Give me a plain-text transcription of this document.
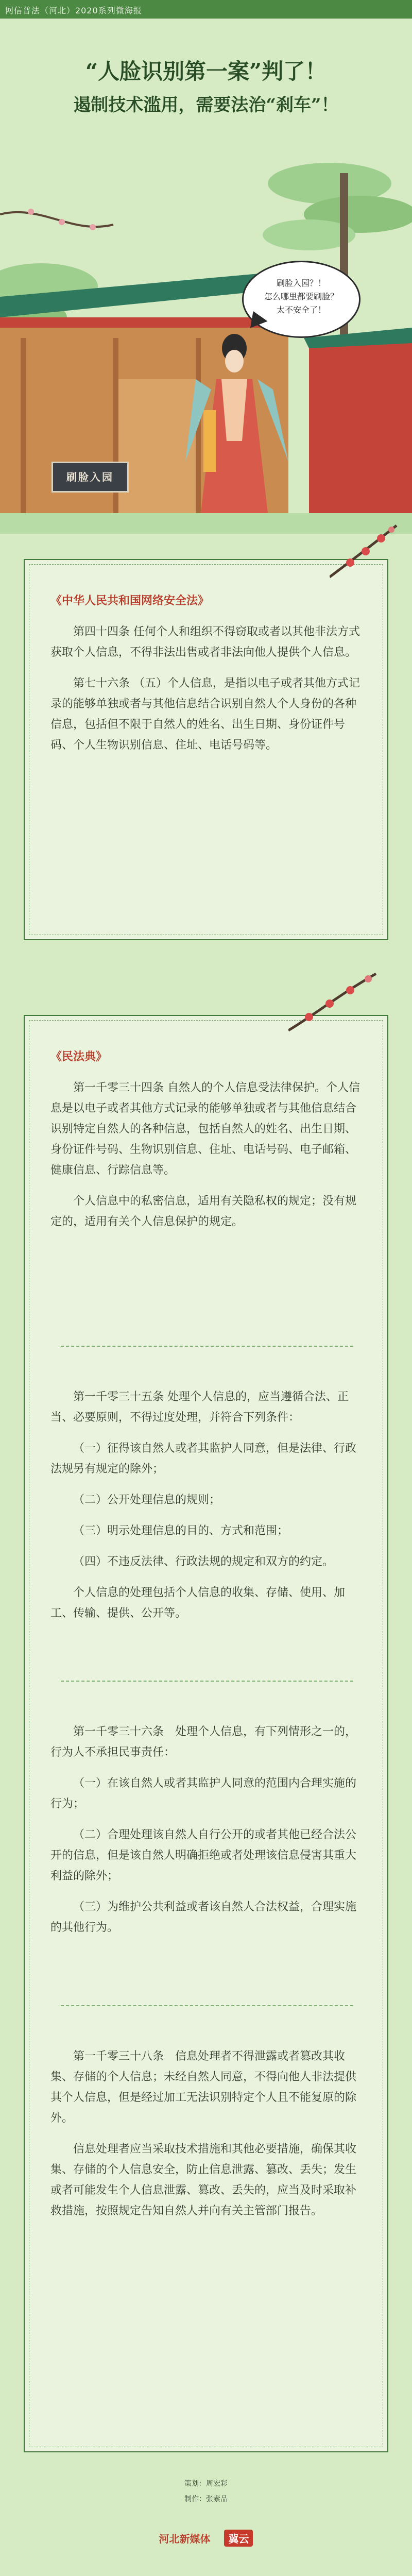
网信普法（河北）2020系列微海报
“人脸识别第一案”判了！
遏制技术滥用，需要法治“刹车”！
刷脸入园？！
怎么哪里都要刷脸？
太不安全了！
刷脸入园

《中华人民共和国网络安全法》

第四十四条 任何个人和组织不得窃取或者以其他非法方式获取个人信息，不得非法出售或者非法向他人提供个人信息。

第七十六条 （五）个人信息，是指以电子或者其他方式记录的能够单独或者与其他信息结合识别自然人个人身份的各种信息，包括但不限于自然人的姓名、出生日期、身份证件号码、个人生物识别信息、住址、电话号码等。

《民法典》

第一千零三十四条 自然人的个人信息受法律保护。个人信息是以电子或者其他方式记录的能够单独或者与其他信息结合识别特定自然人的各种信息，包括自然人的姓名、出生日期、身份证件号码、生物识别信息、住址、电话号码、电子邮箱、健康信息、行踪信息等。

个人信息中的私密信息，适用有关隐私权的规定；没有规定的，适用有关个人信息保护的规定。

第一千零三十五条 处理个人信息的，应当遵循合法、正当、必要原则，不得过度处理，并符合下列条件：

（一）征得该自然人或者其监护人同意，但是法律、行政法规另有规定的除外；

（二）公开处理信息的规则；

（三）明示处理信息的目的、方式和范围；

（四）不违反法律、行政法规的规定和双方的约定。

个人信息的处理包括个人信息的收集、存储、使用、加工、传输、提供、公开等。

第一千零三十六条　处理个人信息，有下列情形之一的，行为人不承担民事责任：

（一）在该自然人或者其监护人同意的范围内合理实施的行为；

（二）合理处理该自然人自行公开的或者其他已经合法公开的信息，但是该自然人明确拒绝或者处理该信息侵害其重大利益的除外；

（三）为维护公共利益或者该自然人合法权益，合理实施的其他行为。

第一千零三十八条　信息处理者不得泄露或者篡改其收集、存储的个人信息；未经自然人同意，不得向他人非法提供其个人信息，但是经过加工无法识别特定个人且不能复原的除外。

信息处理者应当采取技术措施和其他必要措施，确保其收集、存储的个人信息安全，防止信息泄露、篡改、丢失；发生或者可能发生个人信息泄露、篡改、丢失的，应当及时采取补救措施，按照规定告知自然人并向有关主管部门报告。

策划：周宏彩
制作：张素品
河北新媒体 冀云
